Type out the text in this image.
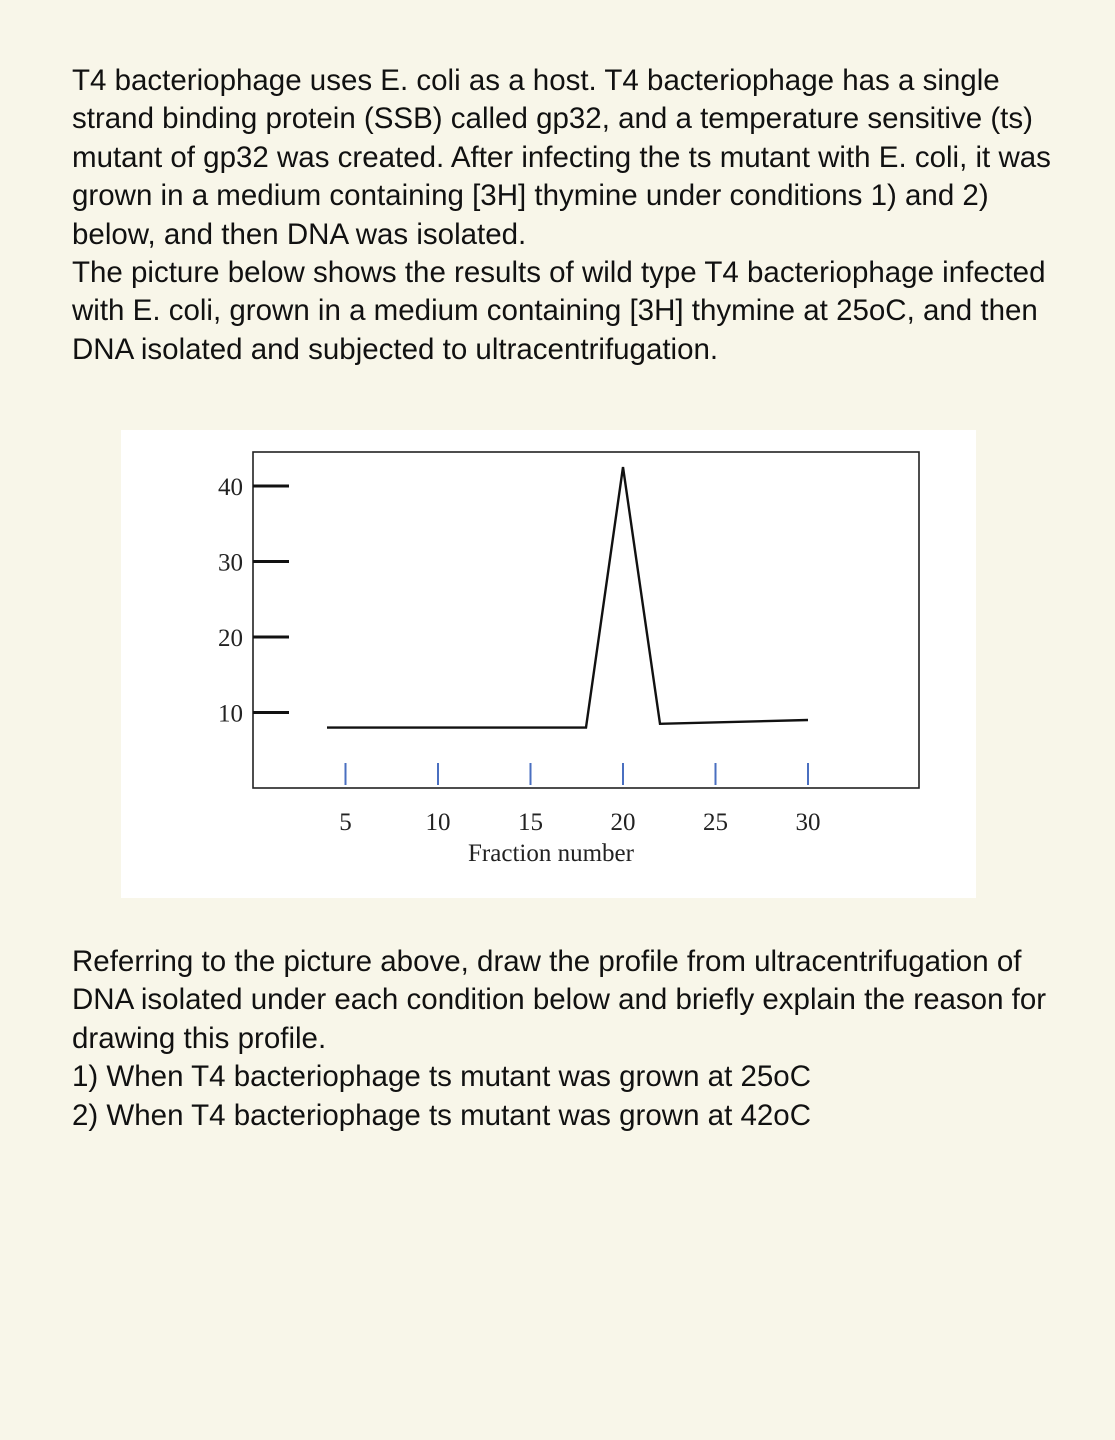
T4 bacteriophage uses E. coli as a host. T4 bacteriophage has a single strand binding protein (SSB) called gp32, and a temperature sensitive (ts) mutant of gp32 was created. After infecting the ts mutant with E. coli, it was grown in a medium containing [3H] thymine under conditions 1) and 2) below, and then DNA was isolated.

The picture below shows the results of wild type T4 bacteriophage infected with E. coli, grown in a medium containing [3H] thymine at 25oC, and then DNA isolated and subjected to ultracentrifugation.

10
20
30
40
5	10	15	20	25	30
Fraction number

Referring to the picture above, draw the profile from ultracentrifugation of DNA isolated under each condition below and briefly explain the reason for drawing this profile.

1) When T4 bacteriophage ts mutant was grown at 25oC

2) When T4 bacteriophage ts mutant was grown at 42oC
